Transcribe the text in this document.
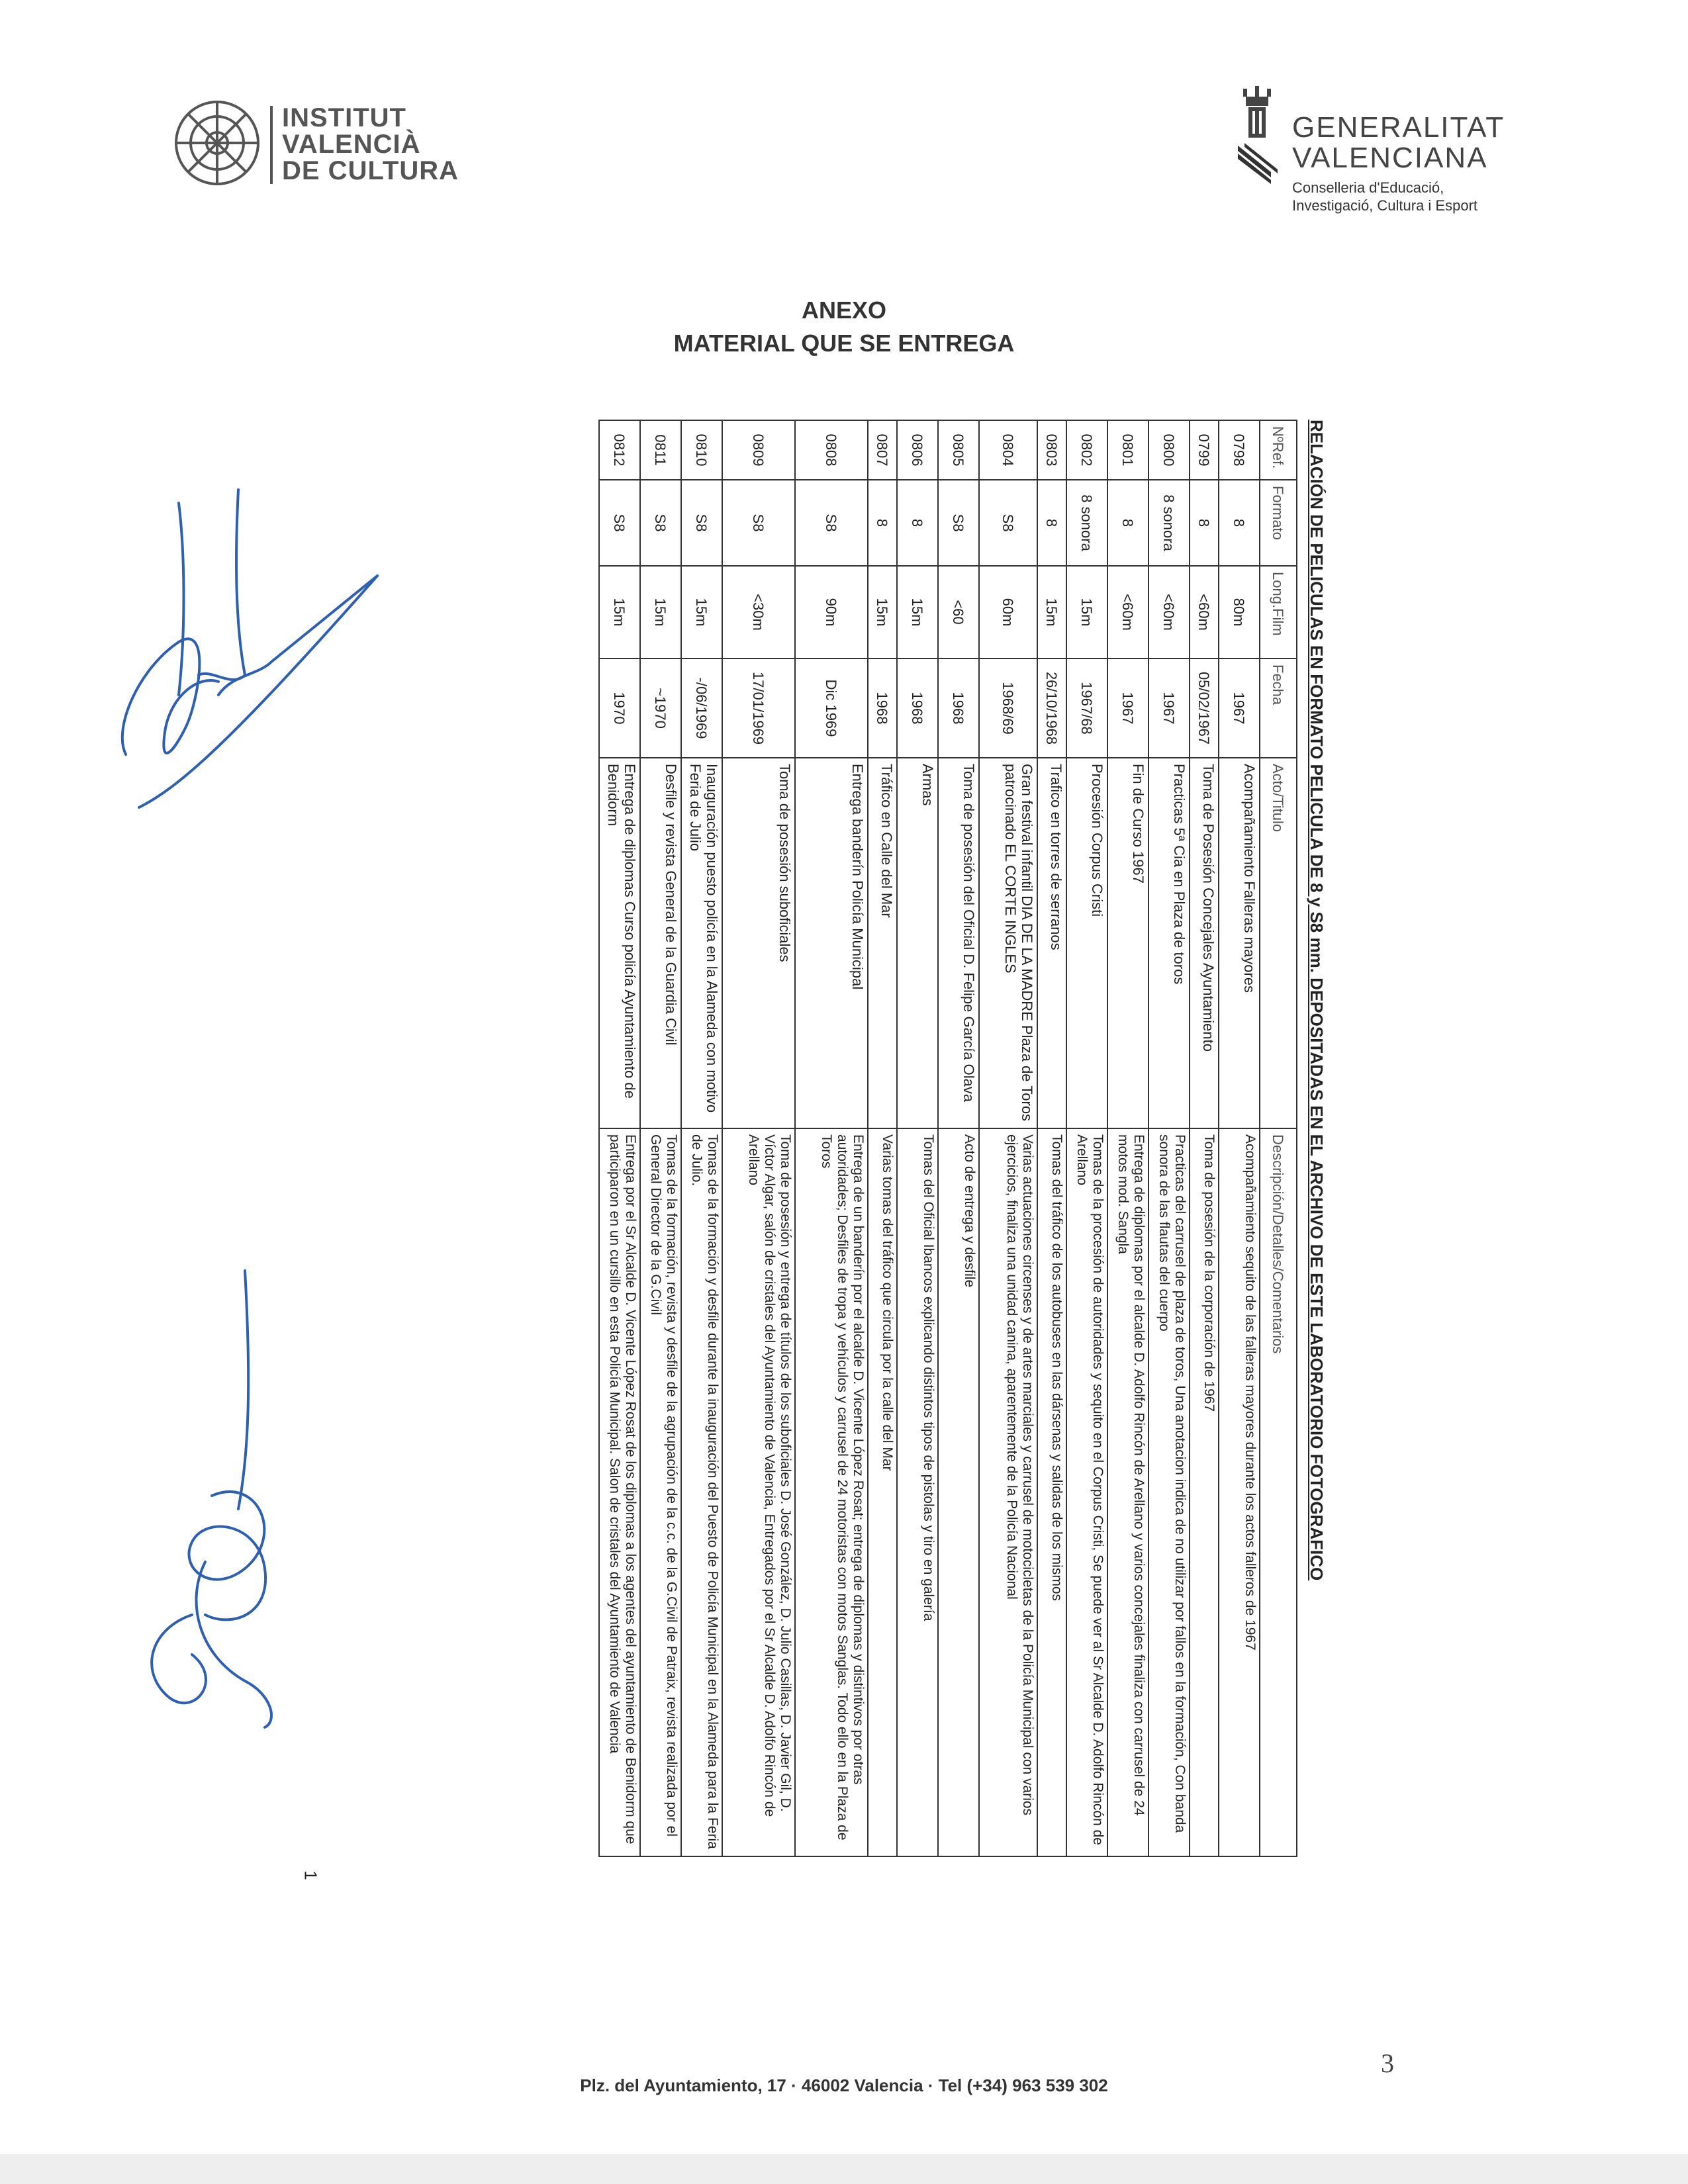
INSTITUT
VALENCIÀ
DE CULTURA
GENERALITAT
VALENCIANA
Conselleria d'Educació,
Investigació, Cultura i Esport
ANEXO
MATERIAL QUE SE ENTREGA
RELACIÓN DE PELICULAS EN FORMATO PELICULA DE 8 y S8 mm. DEPOSITADAS EN EL ARCHIVO DE ESTE LABORATORIO FOTOGRAFICO
NºRef.	Formato	Long.Film	Fecha	Acto/Titulo	Descripción/Detalles/Comentarios
0798	8	80m	1967	Acompañamiento Falleras mayores	Acompañamiento sequito de las falleras mayores durante los actos falleros de 1967
0799	8	<60m	05/02/1967	Toma de Posesión Concejales Ayuntamiento	Toma de posesión de la corporación de 1967
0800	8 sonora	<60m	1967	Practicas 5ª Cia en Plaza de toros	Practicas del carrusel de plaza de toros, Una anotacion indica de no utilizar por fallos en la formación, Con banda sonora de las flautas del cuerpo
0801	8	<60m	1967	Fin de Curso 1967	Entrega de diplomas por el alcalde D. Adolfo Rincón de Arellano y varios concejales finaliza con carrusel de 24 motos mod. Sangla
0802	8 sonora	15m	1967/68	Procesión Corpus Cristi	Tomas de la procesión de autoridades y sequito en el Corpus Cristi, Se puede ver al Sr Alcalde D. Adolfo Rincón de Arellano
0803	8	15m	26/10/1968	Trafico en torres de serranos	Tomas del tráfico de los autobuses en las dársenas y salidas de los mismos
0804	S8	60m	1968/69	Gran festival infantil DIA DE LA MADRE Plaza de Toros patrocinado EL CORTE INGLES	Varias actuaciones circenses y de artes marciales y carrusel de motocicletas de la Policía Municipal con varios ejercicios, finaliza una unidad canina, aparentemente de la Policía Nacional
0805	S8	<60	1968	Toma de posesión del Oficial D. Felipe García Olava	Acto de entrega y desfile
0806	8	15m	1968	Armas	Tomas del Oficial Ibancos explicando distintos tipos de pistolas y tiro en galería
0807	8	15m	1968	Tráfico en Calle del Mar	Varias tomas del tráfico que circula por la calle del Mar
0808	S8	90m	Dic 1969	Entrega banderín Policía Municipal	Entrega de un banderín por el alcalde D. Vicente López Rosat; entrega de diplomas y distintivos por otras autoridades; Desfiles de tropa y vehículos y carrusel de 24 motoristas con motos Sanglas. Todo ello en la Plaza de Toros
0809	S8	<30m	17/01/1969	Toma de posesión suboficiales	Toma de posesión y entrega de títulos de los suboficiales D. José González, D. Julio Casillas, D. Javier Gil, D. Víctor Algar, salón de cristales del Ayuntamiento de Valencia, Entregados por el Sr Alcalde D. Adolfo Rincón de Arellano
0810	S8	15m	-/06/1969	Inauguración puesto policía en la Alameda con motivo Feria de Julio	Tomas de la formación y desfile durante la inauguración del Puesto de Policía Municipal en la Alameda para la Feria de Julio.
0811	S8	15m	~1970	Desfile y revista General de la Guardia Civil	Tomas de la formación, revista y desfile de la agrupación de la c.c. de la G.Civil de Patraix, revista realizada por el General Director de la G.Civil
0812	S8	15m	1970	Entrega de diplomas Curso policía Ayuntamiento de Benidorm	Entrega por el Sr Alcalde D. Vicente López Rosat de los diplomas a los agentes del ayuntamiento de Benidorm que participaron en un cursillo en esta Policía Municipal. Salon de cristales del Ayuntamiento de Valencia
1
3
Plz. del Ayuntamiento, 17 · 46002 Valencia · Tel (+34) 963 539 302
